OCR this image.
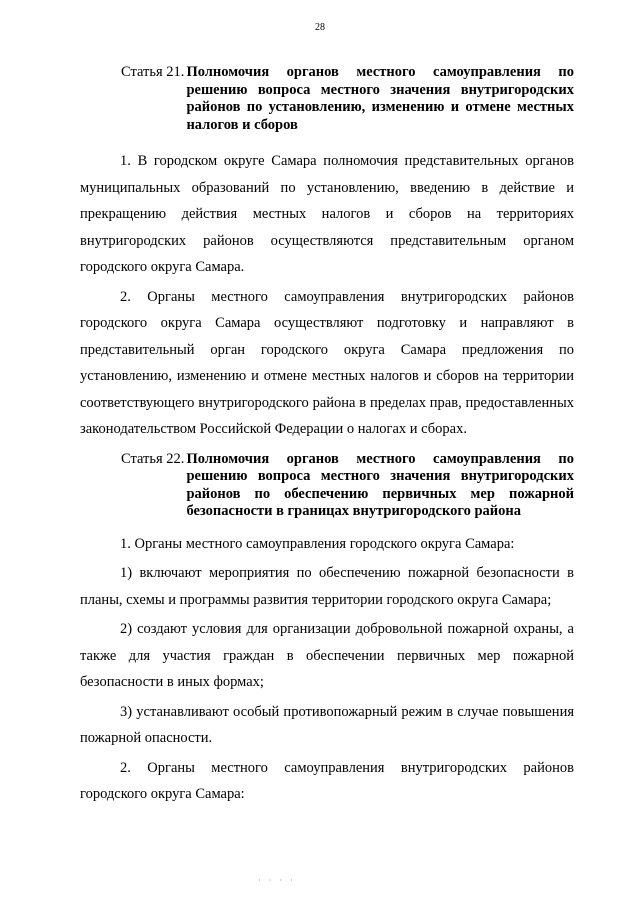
28
Статья 21. Полномочия органов местного самоуправления по решению вопроса местного значения внутригородских районов по установлению, изменению и отмене местных налогов и сборов

1. В городском округе Самара полномочия представительных органов муниципальных образований по установлению, введению в действие и прекращению действия местных налогов и сборов на территориях внутригородских районов осуществляются представительным органом городского округа Самара.

2. Органы местного самоуправления внутригородских районов городского округа Самара осуществляют подготовку и направляют в представительный орган городского округа Самара предложения по установлению, изменению и отмене местных налогов и сборов на территории соответствующего внутригородского района в пределах прав, предоставленных законодательством Российской Федерации о налогах и сборах.

Статья 22. Полномочия органов местного самоуправления по решению вопроса местного значения внутригородских районов по обеспечению первичных мер пожарной безопасности в границах внутригородского района

1. Органы местного самоуправления городского округа Самара:

1) включают мероприятия по обеспечению пожарной безопасности в планы, схемы и программы развития территории городского округа Самара;

2) создают условия для организации добровольной пожарной охраны, а также для участия граждан в обеспечении первичных мер пожарной безопасности в иных формах;

3) устанавливают особый противопожарный режим в случае повышения пожарной опасности.

2. Органы местного самоуправления внутригородских районов городского округа Самара:

· · · ·
